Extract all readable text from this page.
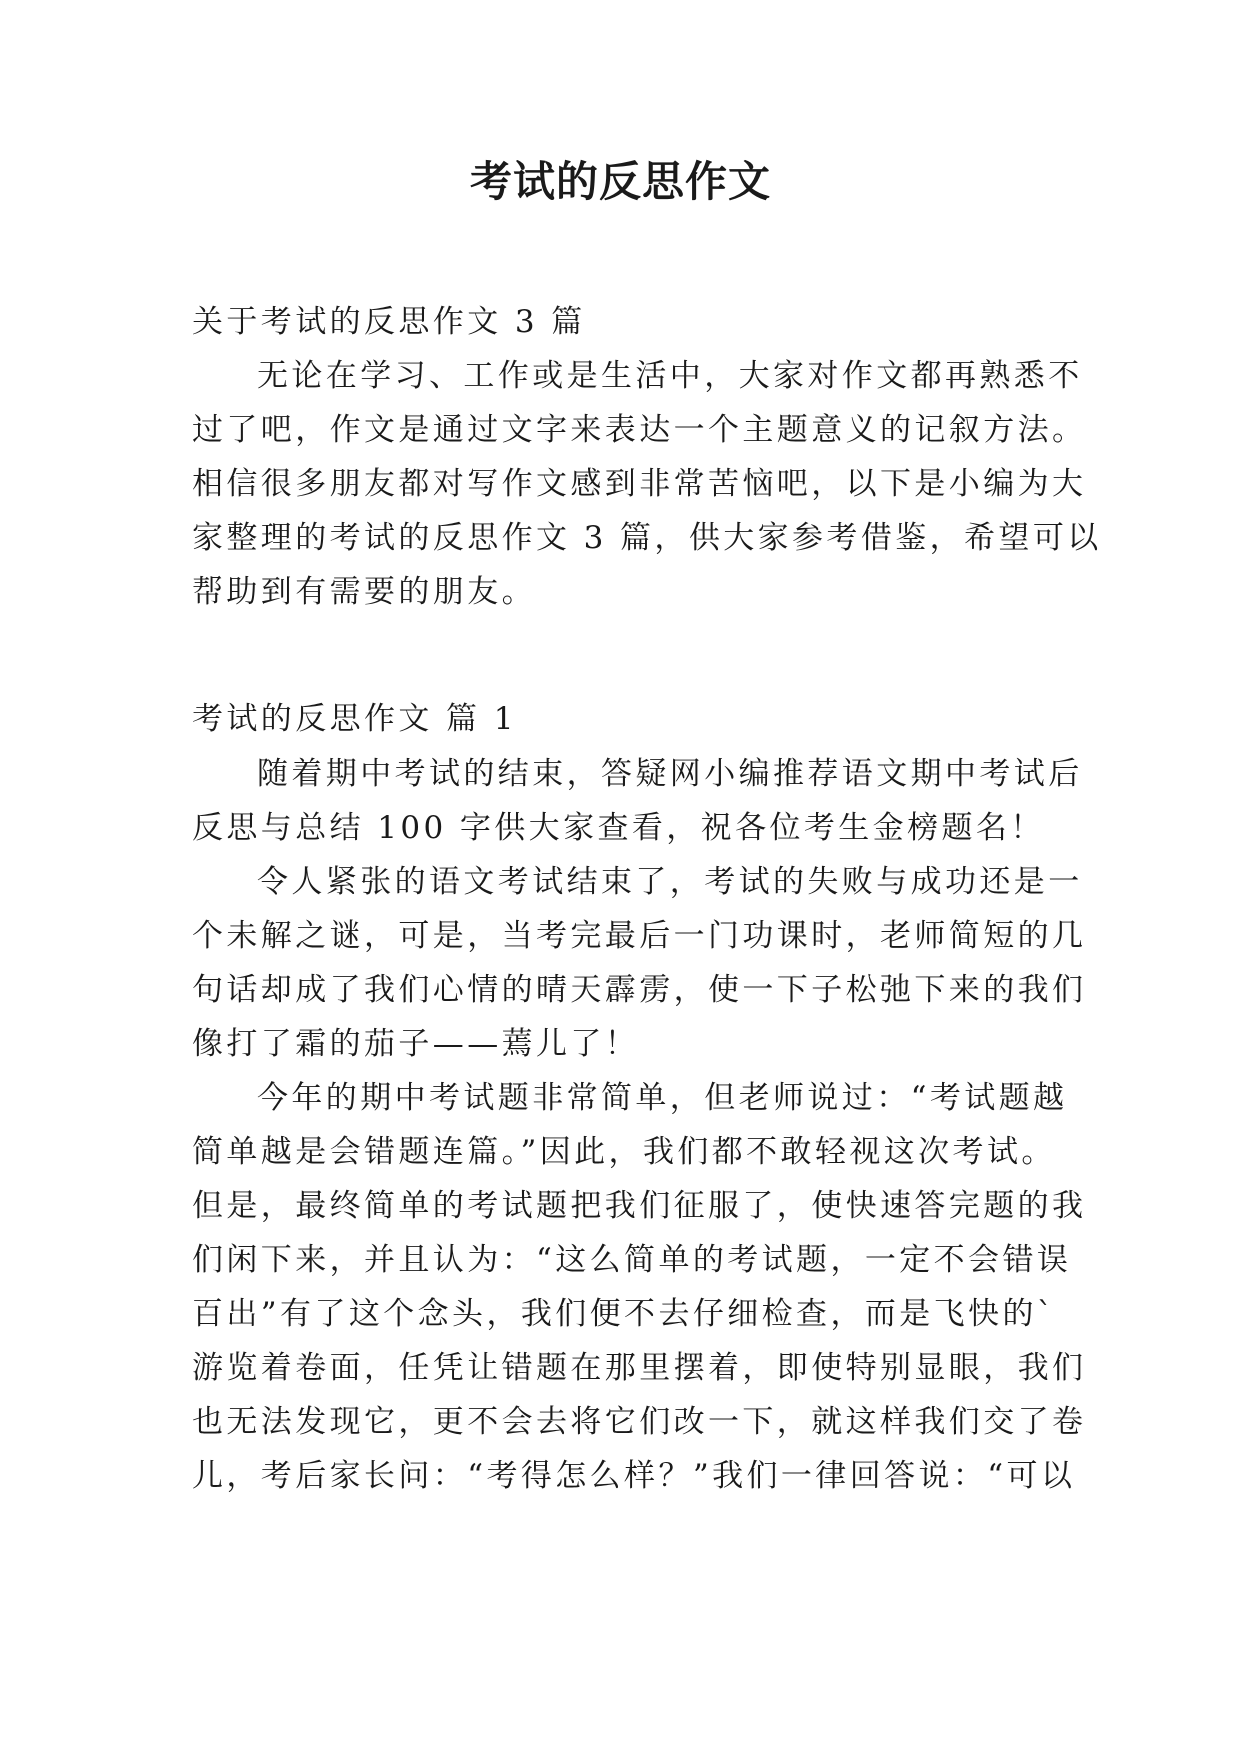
考试的反思作文
关于考试的反思作文 3 篇
无论在学习、工作或是生活中，大家对作文都再熟悉不
过了吧，作文是通过文字来表达一个主题意义的记叙方法。
相信很多朋友都对写作文感到非常苦恼吧，以下是小编为大
家整理的考试的反思作文 3 篇，供大家参考借鉴，希望可以
帮助到有需要的朋友。
考试的反思作文 篇 1
随着期中考试的结束，答疑网小编推荐语文期中考试后
反思与总结 100 字供大家查看，祝各位考生金榜题名！
令人紧张的语文考试结束了，考试的失败与成功还是一
个未解之谜，可是，当考完最后一门功课时，老师简短的几
句话却成了我们心情的晴天霹雳，使一下子松弛下来的我们
像打了霜的茄子——蔫儿了！
今年的期中考试题非常简单，但老师说过：“考试题越
简单越是会错题连篇。”因此，我们都不敢轻视这次考试。
但是，最终简单的考试题把我们征服了，使快速答完题的我
们闲下来，并且认为：“这么简单的考试题，一定不会错误
百出”有了这个念头，我们便不去仔细检查，而是飞快的`
游览着卷面，任凭让错题在那里摆着，即使特别显眼，我们
也无法发现它，更不会去将它们改一下，就这样我们交了卷
儿，考后家长问：“考得怎么样？”我们一律回答说：“可以
